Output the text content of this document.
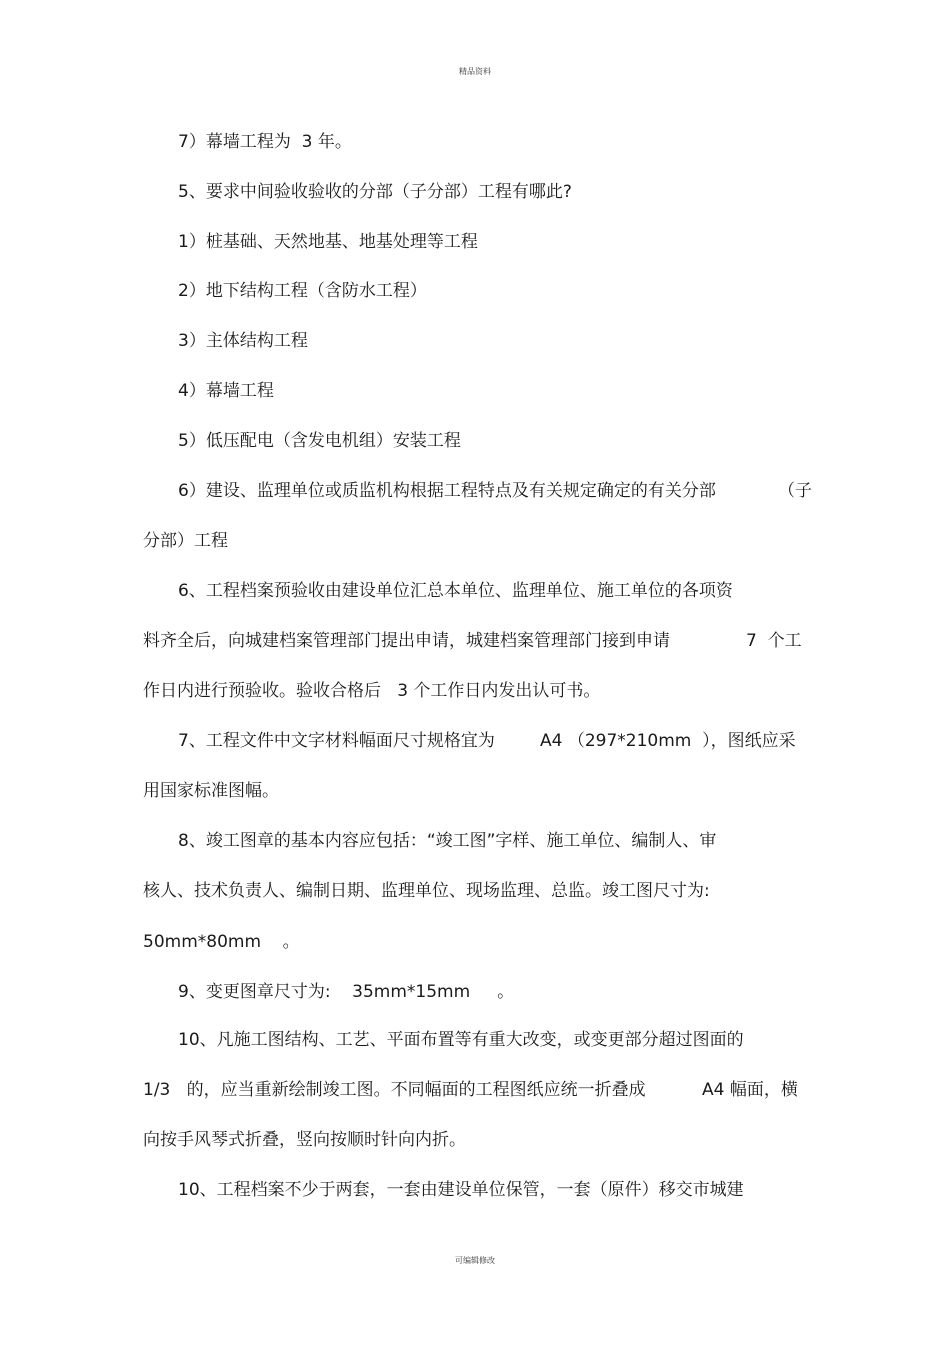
精品资料
7）幕墙工程为  3 年。
5、要求中间验收验收的分部（子分部）工程有哪此?
1）桩基础、天然地基、地基处理等工程
2）地下结构工程（含防水工程）
3）主体结构工程
4）幕墙工程
5）低压配电（含发电机组）安装工程
6）建设、监理单位或质监机构根据工程特点及有关规定确定的有关分部	（子
分部）工程
6、工程档案预验收由建设单位汇总本单位、监理单位、施工单位的各项资
料齐全后，向城建档案管理部门提出申请，城建档案管理部门接到申请	7  个工
作日内进行预验收。验收合格后   3 个工作日内发出认可书。
7、工程文件中文字材料幅面尺寸规格宜为	A4 （297*210mm  ），图纸应采
用国家标准图幅。
8、竣工图章的基本内容应包括：“竣工图”字样、施工单位、编制人、审
核人、技术负责人、编制日期、监理单位、现场监理、总监。竣工图尺寸为:
50mm*80mm    。
9、变更图章尺寸为:    35mm*15mm     。
10、凡施工图结构、工艺、平面布置等有重大改变，或变更部分超过图面的
1/3   的，应当重新绘制竣工图。不同幅面的工程图纸应统一折叠成	A4 幅面，横
向按手风琴式折叠，竖向按顺时针向内折。
10、工程档案不少于两套，一套由建设单位保管，一套（原件）移交市城建
可编辑修改
